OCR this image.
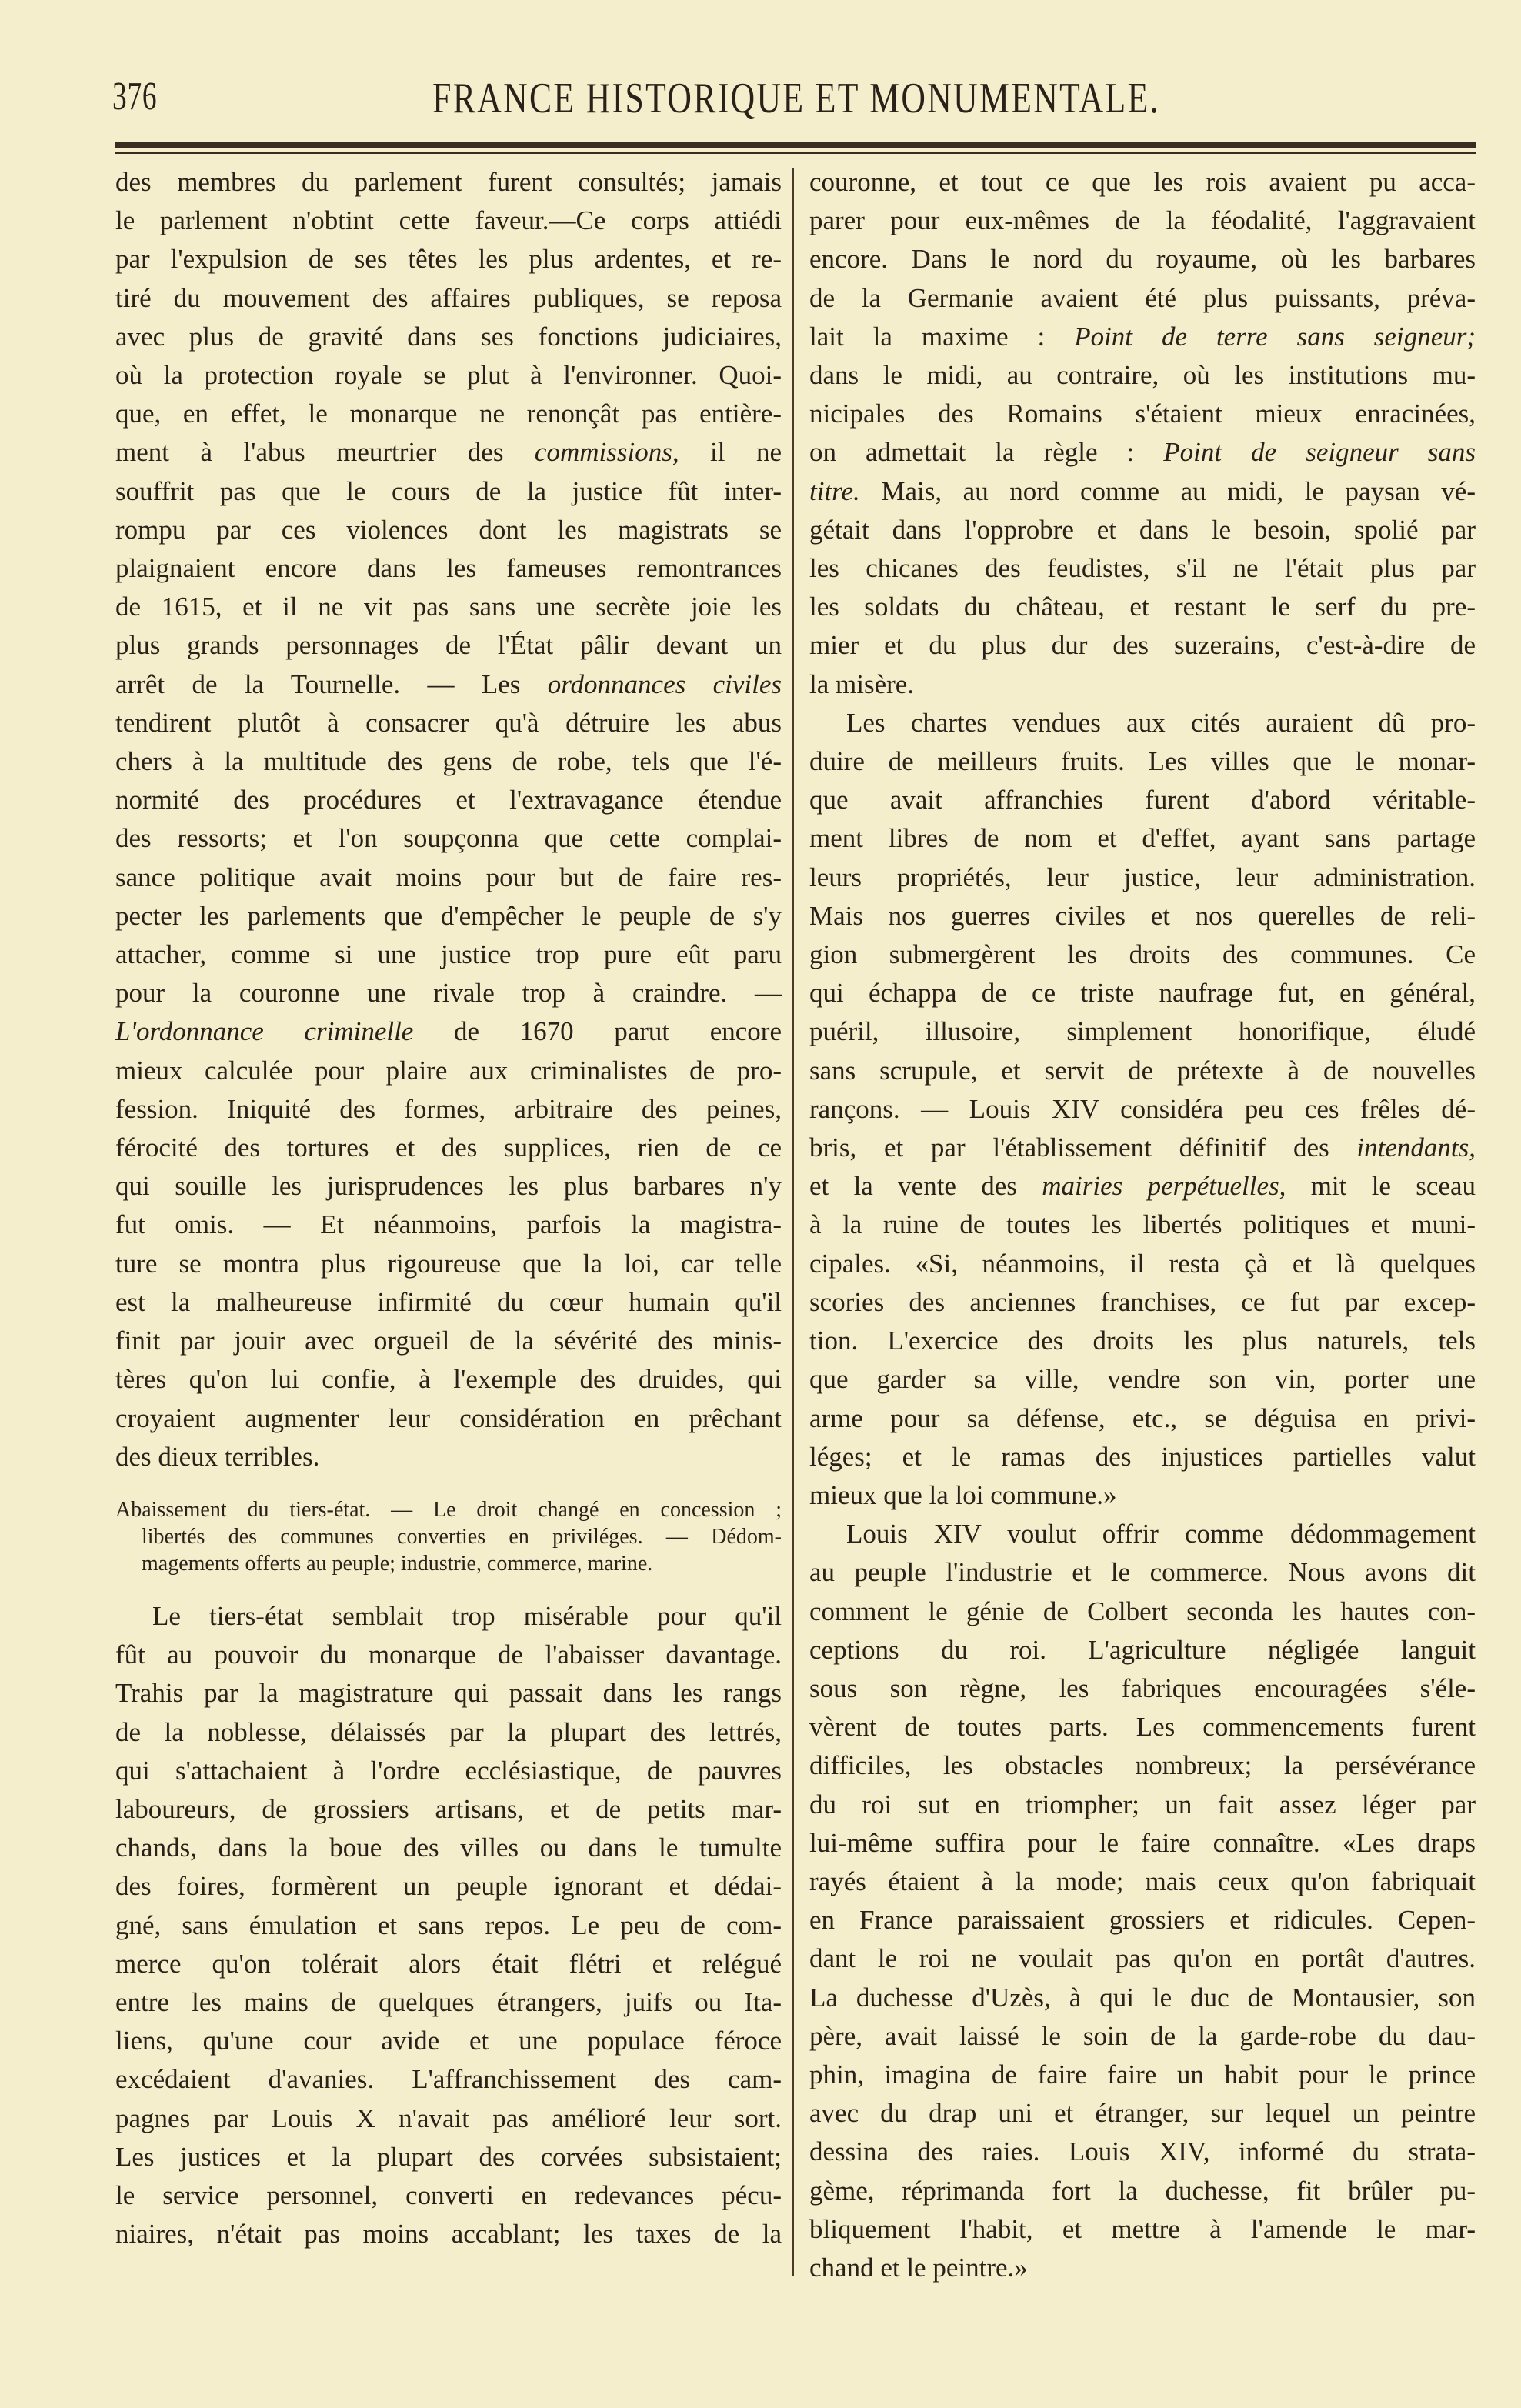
376	FRANCE HISTORIQUE ET MONUMENTALE.
des membres du parlement furent consultés; jamais
le parlement n'obtint cette faveur.—Ce corps attiédi
par l'expulsion de ses têtes les plus ardentes, et re-
tiré du mouvement des affaires publiques, se reposa
avec plus de gravité dans ses fonctions judiciaires,
où la protection royale se plut à l'environner. Quoi-
que, en effet, le monarque ne renonçât pas entière-
ment à l'abus meurtrier des commissions, il ne
souffrit pas que le cours de la justice fût inter-
rompu par ces violences dont les magistrats se
plaignaient encore dans les fameuses remontrances
de 1615, et il ne vit pas sans une secrète joie les
plus grands personnages de l'État pâlir devant un
arrêt de la Tournelle. — Les ordonnances civiles
tendirent plutôt à consacrer qu'à détruire les abus
chers à la multitude des gens de robe, tels que l'é-
normité des procédures et l'extravagance étendue
des ressorts; et l'on soupçonna que cette complai-
sance politique avait moins pour but de faire res-
pecter les parlements que d'empêcher le peuple de s'y
attacher, comme si une justice trop pure eût paru
pour la couronne une rivale trop à craindre. —
L'ordonnance criminelle de 1670 parut encore
mieux calculée pour plaire aux criminalistes de pro-
fession. Iniquité des formes, arbitraire des peines,
férocité des tortures et des supplices, rien de ce
qui souille les jurisprudences les plus barbares n'y
fut omis. — Et néanmoins, parfois la magistra-
ture se montra plus rigoureuse que la loi, car telle
est la malheureuse infirmité du cœur humain qu'il
finit par jouir avec orgueil de la sévérité des minis-
tères qu'on lui confie, à l'exemple des druides, qui
croyaient augmenter leur considération en prêchant
des dieux terribles.
Abaissement du tiers-état. — Le droit changé en concession ;
libertés des communes converties en priviléges. — Dédom-
magements offerts au peuple; industrie, commerce, marine.
Le tiers-état semblait trop misérable pour qu'il
fût au pouvoir du monarque de l'abaisser davantage.
Trahis par la magistrature qui passait dans les rangs
de la noblesse, délaissés par la plupart des lettrés,
qui s'attachaient à l'ordre ecclésiastique, de pauvres
laboureurs, de grossiers artisans, et de petits mar-
chands, dans la boue des villes ou dans le tumulte
des foires, formèrent un peuple ignorant et dédai-
gné, sans émulation et sans repos. Le peu de com-
merce qu'on tolérait alors était flétri et relégué
entre les mains de quelques étrangers, juifs ou Ita-
liens, qu'une cour avide et une populace féroce
excédaient d'avanies. L'affranchissement des cam-
pagnes par Louis X n'avait pas amélioré leur sort.
Les justices et la plupart des corvées subsistaient;
le service personnel, converti en redevances pécu-
niaires, n'était pas moins accablant; les taxes de la
couronne, et tout ce que les rois avaient pu acca-
parer pour eux-mêmes de la féodalité, l'aggravaient
encore. Dans le nord du royaume, où les barbares
de la Germanie avaient été plus puissants, préva-
lait la maxime : Point de terre sans seigneur;
dans le midi, au contraire, où les institutions mu-
nicipales des Romains s'étaient mieux enracinées,
on admettait la règle : Point de seigneur sans
titre. Mais, au nord comme au midi, le paysan vé-
gétait dans l'opprobre et dans le besoin, spolié par
les chicanes des feudistes, s'il ne l'était plus par
les soldats du château, et restant le serf du pre-
mier et du plus dur des suzerains, c'est-à-dire de
la misère.
Les chartes vendues aux cités auraient dû pro-
duire de meilleurs fruits. Les villes que le monar-
que avait affranchies furent d'abord véritable-
ment libres de nom et d'effet, ayant sans partage
leurs propriétés, leur justice, leur administration.
Mais nos guerres civiles et nos querelles de reli-
gion submergèrent les droits des communes. Ce
qui échappa de ce triste naufrage fut, en général,
puéril, illusoire, simplement honorifique, éludé
sans scrupule, et servit de prétexte à de nouvelles
rançons. — Louis XIV considéra peu ces frêles dé-
bris, et par l'établissement définitif des intendants,
et la vente des mairies perpétuelles, mit le sceau
à la ruine de toutes les libertés politiques et muni-
cipales. «Si, néanmoins, il resta çà et là quelques
scories des anciennes franchises, ce fut par excep-
tion. L'exercice des droits les plus naturels, tels
que garder sa ville, vendre son vin, porter une
arme pour sa défense, etc., se déguisa en privi-
léges; et le ramas des injustices partielles valut
mieux que la loi commune.»
Louis XIV voulut offrir comme dédommagement
au peuple l'industrie et le commerce. Nous avons dit
comment le génie de Colbert seconda les hautes con-
ceptions du roi. L'agriculture négligée languit
sous son règne, les fabriques encouragées s'éle-
vèrent de toutes parts. Les commencements furent
difficiles, les obstacles nombreux; la persévérance
du roi sut en triompher; un fait assez léger par
lui-même suffira pour le faire connaître. «Les draps
rayés étaient à la mode; mais ceux qu'on fabriquait
en France paraissaient grossiers et ridicules. Cepen-
dant le roi ne voulait pas qu'on en portât d'autres.
La duchesse d'Uzès, à qui le duc de Montausier, son
père, avait laissé le soin de la garde-robe du dau-
phin, imagina de faire faire un habit pour le prince
avec du drap uni et étranger, sur lequel un peintre
dessina des raies. Louis XIV, informé du strata-
gème, réprimanda fort la duchesse, fit brûler pu-
bliquement l'habit, et mettre à l'amende le mar-
chand et le peintre.»
